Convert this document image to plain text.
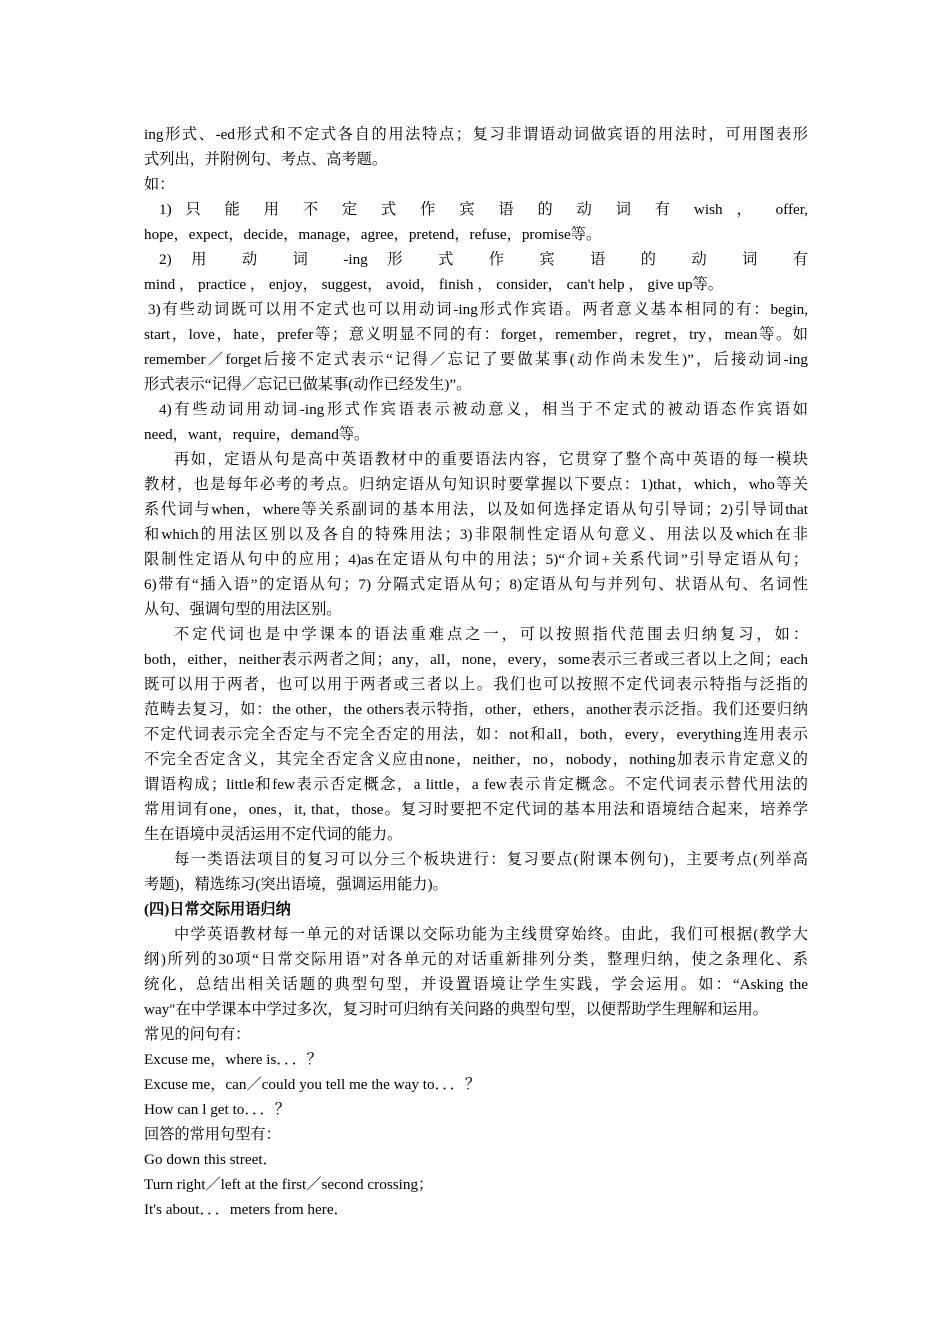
ing形式、-ed形式和不定式各自的用法特点；复习非谓语动词做宾语的用法时，可用图表形
式列出，并附例句、考点、高考题。
如：
1) 只 能 用 不 定 式 作 宾 语 的 动 词 有 wish ， offer,
hope，expect，decide，manage，agree，pretend，refuse，promise等。
2) 用 动 词 -ing 形 式 作 宾 语 的 动 词 有
mind ， practice ， enjoy， suggest， avoid， finish ， consider， can't help ， give up等。
3)有些动词既可以用不定式也可以用动词-ing形式作宾语。两者意义基本相同的有：begin,
start，love，hate，prefer等；意义明显不同的有：forget，remember，regret，try，mean等。如
remember／forget后接不定式表示“记得／忘记了要做某事(动作尚未发生)”，后接动词-ing
形式表示“记得／忘记已做某事(动作已经发生)”。
4)有些动词用动词-ing形式作宾语表示被动意义，相当于不定式的被动语态作宾语如
need，want，require，demand等。
再如，定语从句是高中英语教材中的重要语法内容，它贯穿了整个高中英语的每一模块
教材，也是每年必考的考点。归纳定语从句知识时要掌握以下要点：1)that，which，who等关
系代词与when，where等关系副词的基本用法，以及如何选择定语从句引导词；2)引导词that
和which的用法区别以及各自的特殊用法；3)非限制性定语从句意义、用法以及which在非
限制性定语从句中的应用；4)as在定语从句中的用法；5)“介词+关系代词”引导定语从句；
6)带有“插入语”的定语从句；7) 分隔式定语从句；8)定语从句与并列句、状语从句、名词性
从句、强调句型的用法区别。
不定代词也是中学课本的语法重难点之一，可以按照指代范围去归纳复习，如：
both，either，neither表示两者之间；any，all，none，every，some表示三者或三者以上之间；each
既可以用于两者，也可以用于两者或三者以上。我们也可以按照不定代词表示特指与泛指的
范畴去复习，如：the other，the others表示特指，other，ethers，another表示泛指。我们还要归纳
不定代词表示完全否定与不完全否定的用法，如：not和all，both，every，everything连用表示
不完全否定含义，其完全否定含义应由none，neither，no，nobody，nothing加表示肯定意义的
谓语构成；little和few表示否定概念，a little，a few表示肯定概念。不定代词表示替代用法的
常用词有one，ones，it, that，those。复习时要把不定代词的基本用法和语境结合起来，培养学
生在语境中灵活运用不定代词的能力。
每一类语法项目的复习可以分三个板块进行：复习要点(附课本例句)，主要考点(列举高
考题)，精选练习(突出语境，强调运用能力)。
(四)日常交际用语归纳
中学英语教材每一单元的对话课以交际功能为主线贯穿始终。由此，我们可根据(教学大
纲)所列的30项“日常交际用语”对各单元的对话重新排列分类，整理归纳，使之条理化、系
统化，总结出相关话题的典型句型，并设置语境让学生实践，学会运用。如：“Asking the
way"在中学课本中学过多次，复习时可归纳有关问路的典型句型，以便帮助学生理解和运用。
常见的问句有：
Excuse me，where is．．．？
Excuse me，can／could you tell me the way to．．．？
How can l get to．．．？
回答的常用句型有：
Go down this street．
Turn right／left at the first／second crossing；
It's about．．．meters from here．
